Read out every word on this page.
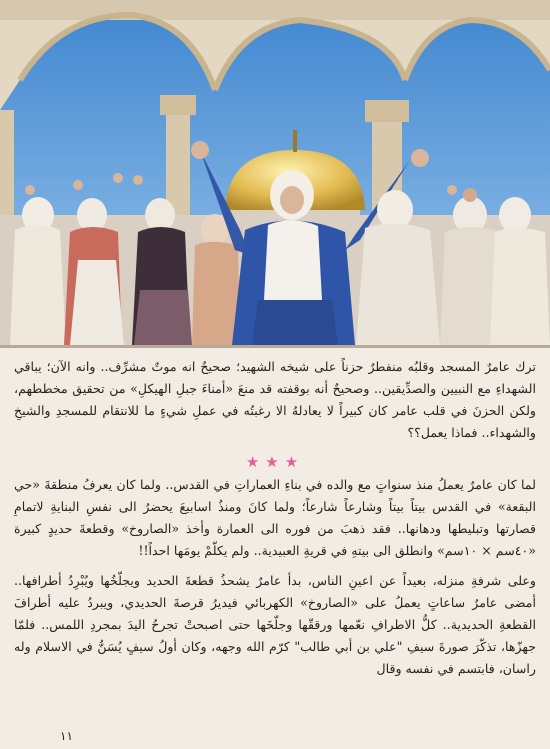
ترك عامرٌ المسجد وقلبُه منفطرٌ حزناً على شيخه الشهيد؛ صحيحٌ انه موتٌ مشرِّف.. وانه الآن؛ يباقي الشهداءِ مع النبيين والصدِّيقين.. وصحيحٌ أنه بوقفته قد منعَ «أمناءَ جبلِ الهيكلِ» من تحقيق مخططهم، ولكن الحزنَ في قلب عامر كان كبيراً لا يعادلهُ الا رغبتُه في عملِ شيءٍ ما للانتقام للمسجدِ والشيخِ والشهداء.. فماذا يعمل؟؟

★★★

لما كان عامرٌ يعملُ منذ سنواتٍ مع والده في بناءِ العماراتِ في القدس.. ولما كان يعرفُ منطقةَ «حي البقعة» في القدس بيتاً بيتاً وشارعاً شارعاً؛ ولما كانَ ومنذُ اسابيعَ يحضرُ الى نفسِ البنايةِ لاتمامِ قصارتها وتبليطها ودهانها.. فقد ذهبَ من فوره الى العمارة وأخذ «الصاروخ» وقطعةَ حديدٍ كبيرة «٤٠سم × ١٠سم» وانطلق الى بيتهِ في قريةِ العبيدية.. ولم يكلّمْ يومَها احداً!!

وعلى شرفةِ منزله، بعيداً عن اعينِ الناس، بدأ عامرٌ يشحذُ قطعةَ الحديد ويجلّخُها ويُبْرِدُ أطرافها.. أمضى عامرٌ ساعاتٍ يعملُ على «الصاروخ» الكهربائي فيديرُ قرصةَ الحديدي، ويبردُ عليه أطرافَ القطعةِ الحديدية.. كلُّ الاطرافِ نعّمها ورققّها وجلّخَها حتى اصبحتْ تجرحُ اليدَ بمجردِ اللمس.. فلمّا جهزّها، تذكّرَ صورةَ سيفِ "علي بن أبي طالب" كرّم الله وجهه، وكان أولُ سيفٍ يُسَنُّ في الاسلام وله راسان، فابتسم في نفسه وقال

١١
